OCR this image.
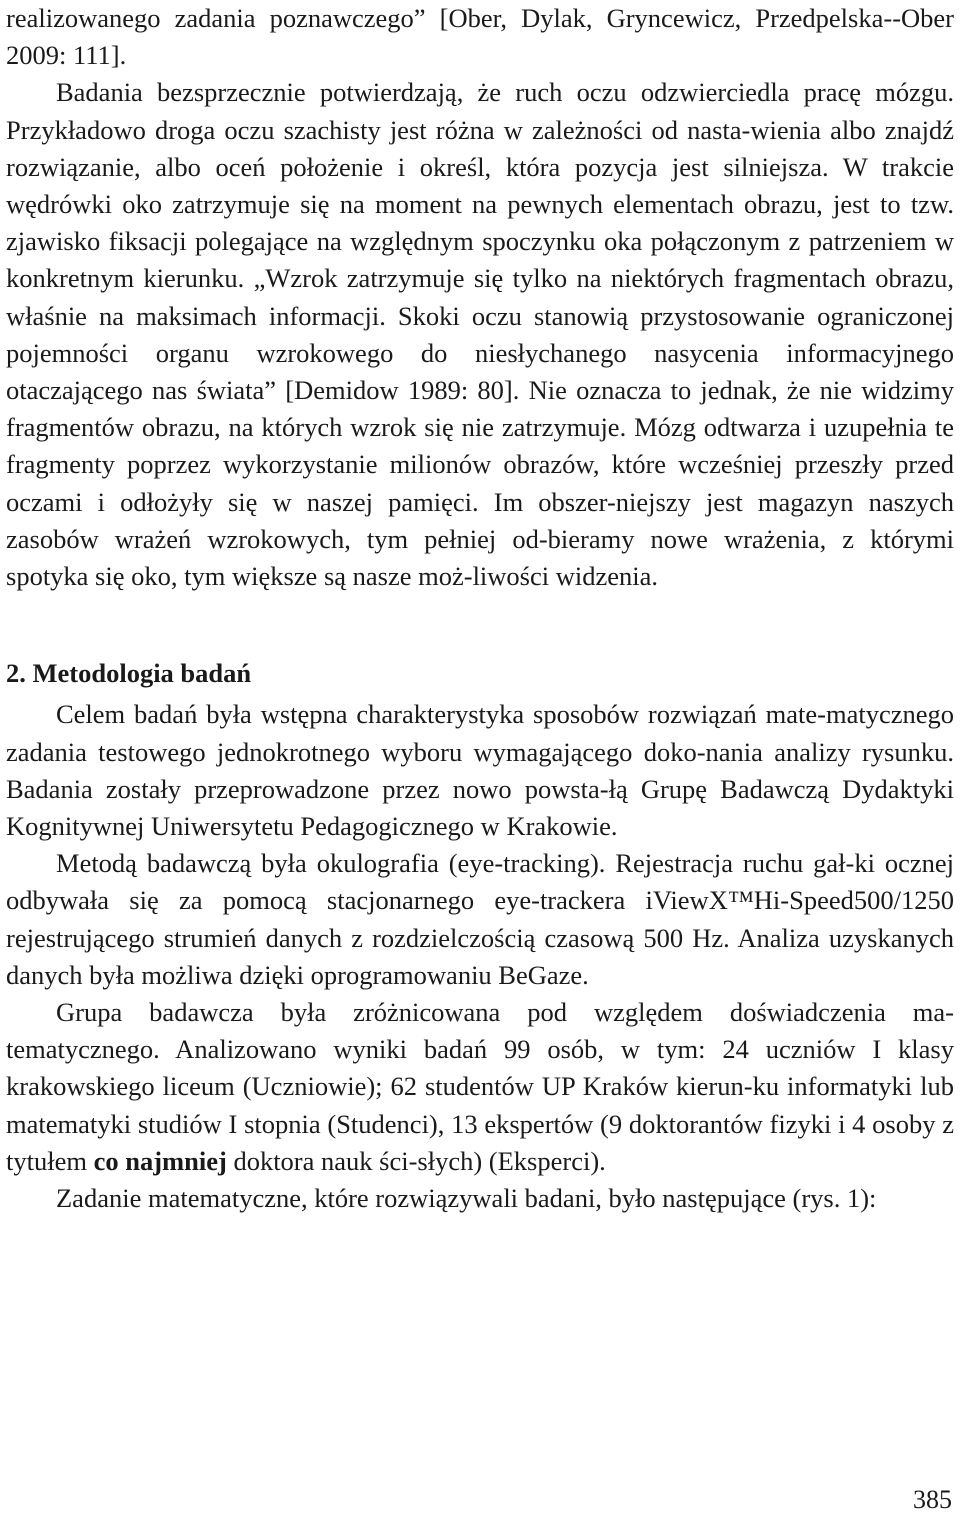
realizowanego zadania poznawczego” [Ober, Dylak, Gryncewicz, Przedpelska--Ober 2009: 111].

Badania bezsprzecznie potwierdzają, że ruch oczu odzwierciedla pracę mózgu. Przykładowo droga oczu szachisty jest różna w zależności od nasta-wienia albo znajdź rozwiązanie, albo oceń położenie i określ, która pozycja jest silniejsza. W trakcie wędrówki oko zatrzymuje się na moment na pewnych elementach obrazu, jest to tzw. zjawisko fiksacji polegające na względnym spoczynku oka połączonym z patrzeniem w konkretnym kierunku. „Wzrok zatrzymuje się tylko na niektórych fragmentach obrazu, właśnie na maksimach informacji. Skoki oczu stanowią przystosowanie ograniczonej pojemności organu wzrokowego do niesłychanego nasycenia informacyjnego otaczającego nas świata” [Demidow 1989: 80]. Nie oznacza to jednak, że nie widzimy fragmentów obrazu, na których wzrok się nie zatrzymuje. Mózg odtwarza i uzupełnia te fragmenty poprzez wykorzystanie milionów obrazów, które wcześniej przeszły przed oczami i odłożyły się w naszej pamięci. Im obszer-niejszy jest magazyn naszych zasobów wrażeń wzrokowych, tym pełniej od-bieramy nowe wrażenia, z którymi spotyka się oko, tym większe są nasze moż-liwości widzenia.

2. Metodologia badań

Celem badań była wstępna charakterystyka sposobów rozwiązań mate-matycznego zadania testowego jednokrotnego wyboru wymagającego doko-nania analizy rysunku. Badania zostały przeprowadzone przez nowo powsta-łą Grupę Badawczą Dydaktyki Kognitywnej Uniwersytetu Pedagogicznego w Krakowie.

Metodą badawczą była okulografia (eye-tracking). Rejestracja ruchu gał-ki ocznej odbywała się za pomocą stacjonarnego eye-trackera iViewX™Hi-Speed500/1250 rejestrującego strumień danych z rozdzielczością czasową 500 Hz. Analiza uzyskanych danych była możliwa dzięki oprogramowaniu BeGaze.

Grupa badawcza była zróżnicowana pod względem doświadczenia ma-tematycznego. Analizowano wyniki badań 99 osób, w tym: 24 uczniów I klasy krakowskiego liceum (Uczniowie); 62 studentów UP Kraków kierun-ku informatyki lub matematyki studiów I stopnia (Studenci), 13 ekspertów (9 doktorantów fizyki i 4 osoby z tytułem co najmniej doktora nauk ści-słych) (Eksperci).

Zadanie matematyczne, które rozwiązywali badani, było następujące (rys. 1):

385
